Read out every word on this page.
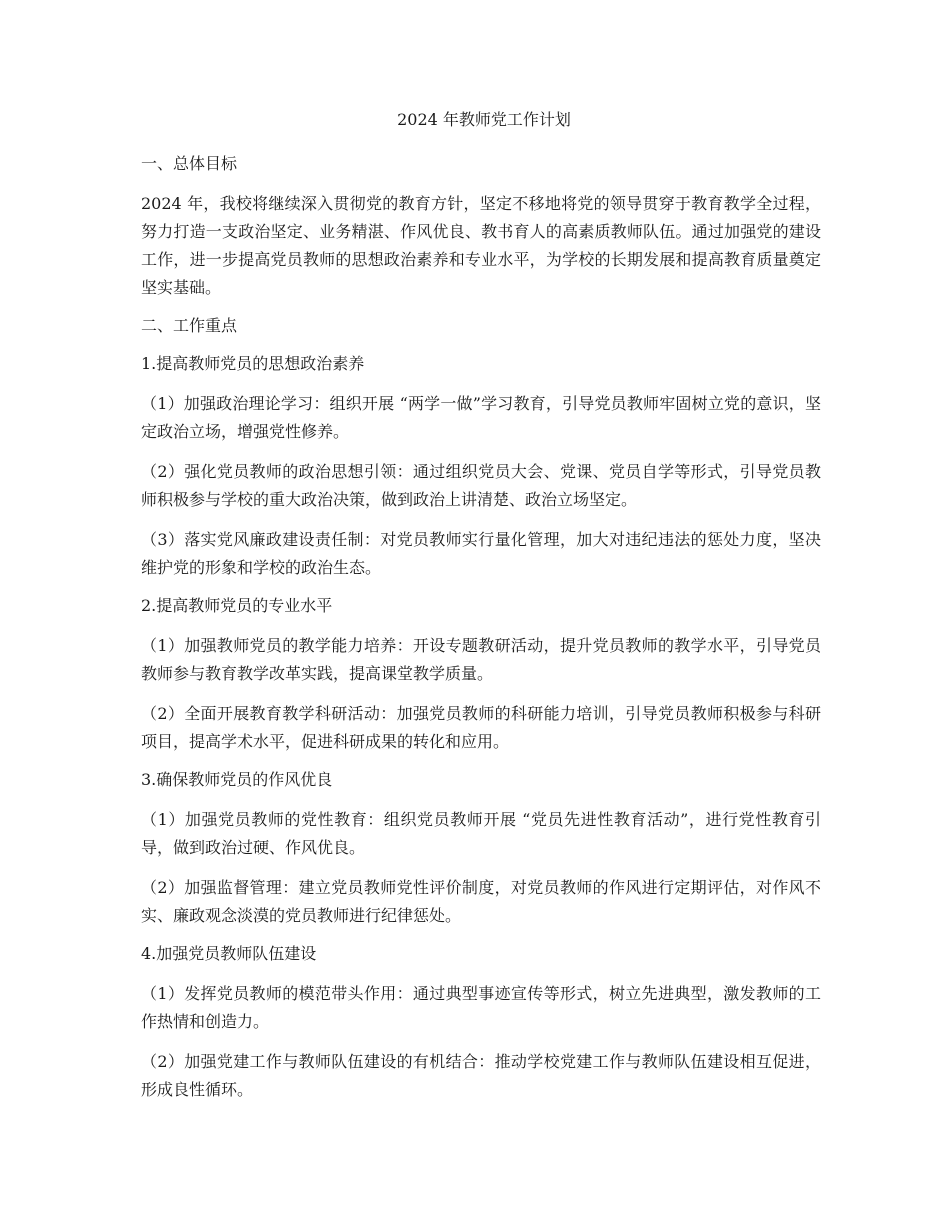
2024 年教师党工作计划
一、总体目标
2024 年，我校将继续深入贯彻党的教育方针，坚定不移地将党的领导贯穿于教育教学全过程，努力打造一支政治坚定、业务精湛、作风优良、教书育人的高素质教师队伍。通过加强党的建设工作，进一步提高党员教师的思想政治素养和专业水平，为学校的长期发展和提高教育质量奠定坚实基础。
二、工作重点
1.提高教师党员的思想政治素养
（1）加强政治理论学习：组织开展 “两学一做”学习教育，引导党员教师牢固树立党的意识，坚定政治立场，增强党性修养。
（2）强化党员教师的政治思想引领：通过组织党员大会、党课、党员自学等形式，引导党员教师积极参与学校的重大政治决策，做到政治上讲清楚、政治立场坚定。
（3）落实党风廉政建设责任制：对党员教师实行量化管理，加大对违纪违法的惩处力度，坚决维护党的形象和学校的政治生态。
2.提高教师党员的专业水平
（1）加强教师党员的教学能力培养：开设专题教研活动，提升党员教师的教学水平，引导党员教师参与教育教学改革实践，提高课堂教学质量。
（2）全面开展教育教学科研活动：加强党员教师的科研能力培训，引导党员教师积极参与科研项目，提高学术水平，促进科研成果的转化和应用。
3.确保教师党员的作风优良
（1）加强党员教师的党性教育：组织党员教师开展 “党员先进性教育活动”，进行党性教育引导，做到政治过硬、作风优良。
（2）加强监督管理：建立党员教师党性评价制度，对党员教师的作风进行定期评估，对作风不实、廉政观念淡漠的党员教师进行纪律惩处。
4.加强党员教师队伍建设
（1）发挥党员教师的模范带头作用：通过典型事迹宣传等形式，树立先进典型，激发教师的工作热情和创造力。
（2）加强党建工作与教师队伍建设的有机结合：推动学校党建工作与教师队伍建设相互促进，形成良性循环。
